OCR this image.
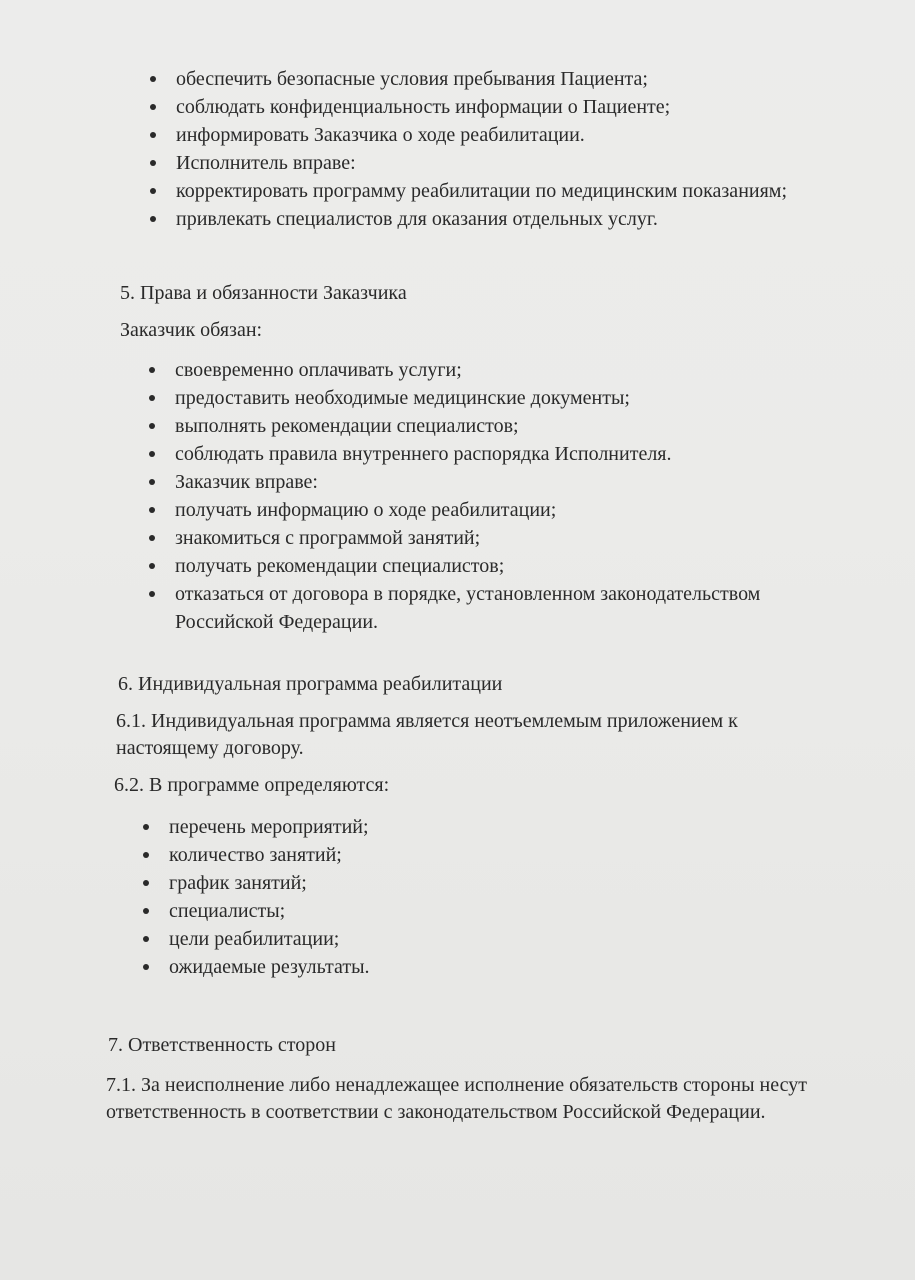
обеспечить безопасные условия пребывания Пациента;
соблюдать конфиденциальность информации о Пациенте;
информировать Заказчика о ходе реабилитации.
Исполнитель вправе:
корректировать программу реабилитации по медицинским показаниям;
привлекать специалистов для оказания отдельных услуг.
5. Права и обязанности Заказчика
Заказчик обязан:
своевременно оплачивать услуги;
предоставить необходимые медицинские документы;
выполнять рекомендации специалистов;
соблюдать правила внутреннего распорядка Исполнителя.
Заказчик вправе:
получать информацию о ходе реабилитации;
знакомиться с программой занятий;
получать рекомендации специалистов;
отказаться от договора в порядке, установленном законодательством Российской Федерации.
6. Индивидуальная программа реабилитации
6.1. Индивидуальная программа является неотъемлемым приложением к настоящему договору.
6.2. В программе определяются:
перечень мероприятий;
количество занятий;
график занятий;
специалисты;
цели реабилитации;
ожидаемые результаты.
7. Ответственность сторон
7.1. За неисполнение либо ненадлежащее исполнение обязательств стороны несут ответственность в соответствии с законодательством Российской Федерации.
